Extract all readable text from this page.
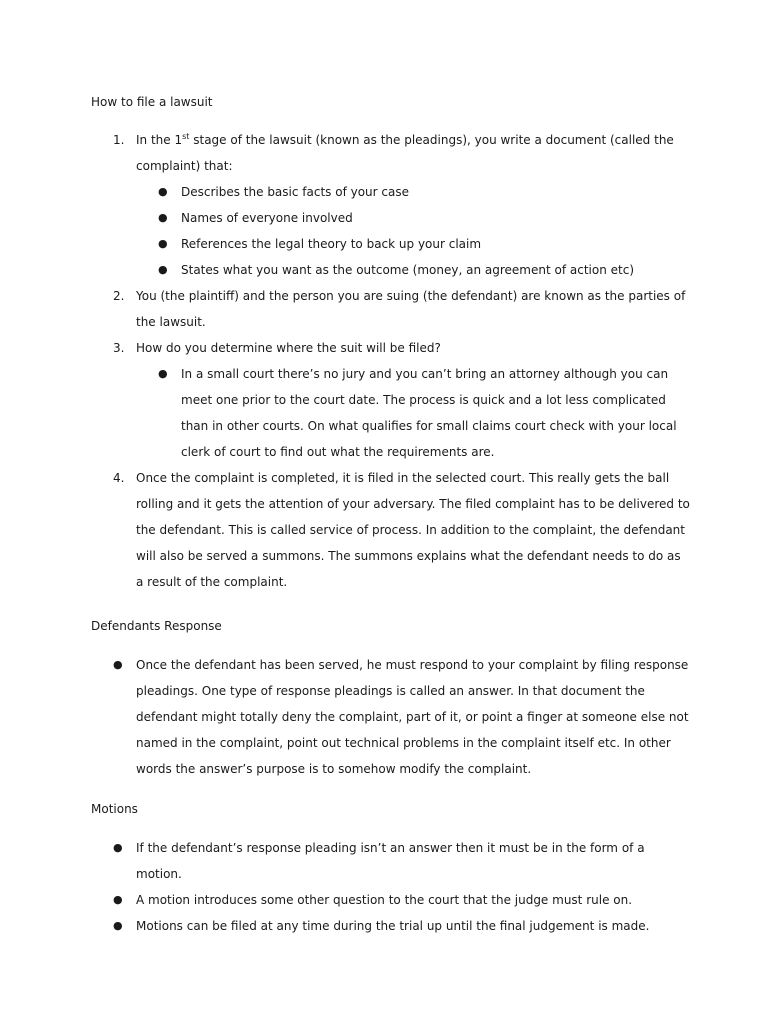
How to file a lawsuit
1. In the 1st stage of the lawsuit (known as the pleadings), you write a document (called the complaint) that:
● Describes the basic facts of your case
● Names of everyone involved
● References the legal theory to back up your claim
● States what you want as the outcome (money, an agreement of action etc)
2. You (the plaintiff) and the person you are suing (the defendant) are known as the parties of the lawsuit.
3. How do you determine where the suit will be filed?
● In a small court there’s no jury and you can’t bring an attorney although you can meet one prior to the court date. The process is quick and a lot less complicated than in other courts. On what qualifies for small claims court check with your local clerk of court to find out what the requirements are.
4. Once the complaint is completed, it is filed in the selected court. This really gets the ball rolling and it gets the attention of your adversary. The filed complaint has to be delivered to the defendant. This is called service of process. In addition to the complaint, the defendant will also be served a summons. The summons explains what the defendant needs to do as a result of the complaint.
Defendants Response
● Once the defendant has been served, he must respond to your complaint by filing response pleadings. One type of response pleadings is called an answer. In that document the defendant might totally deny the complaint, part of it, or point a finger at someone else not named in the complaint, point out technical problems in the complaint itself etc. In other words the answer’s purpose is to somehow modify the complaint.
Motions
● If the defendant’s response pleading isn’t an answer then it must be in the form of a motion.
● A motion introduces some other question to the court that the judge must rule on.
● Motions can be filed at any time during the trial up until the final judgement is made.
